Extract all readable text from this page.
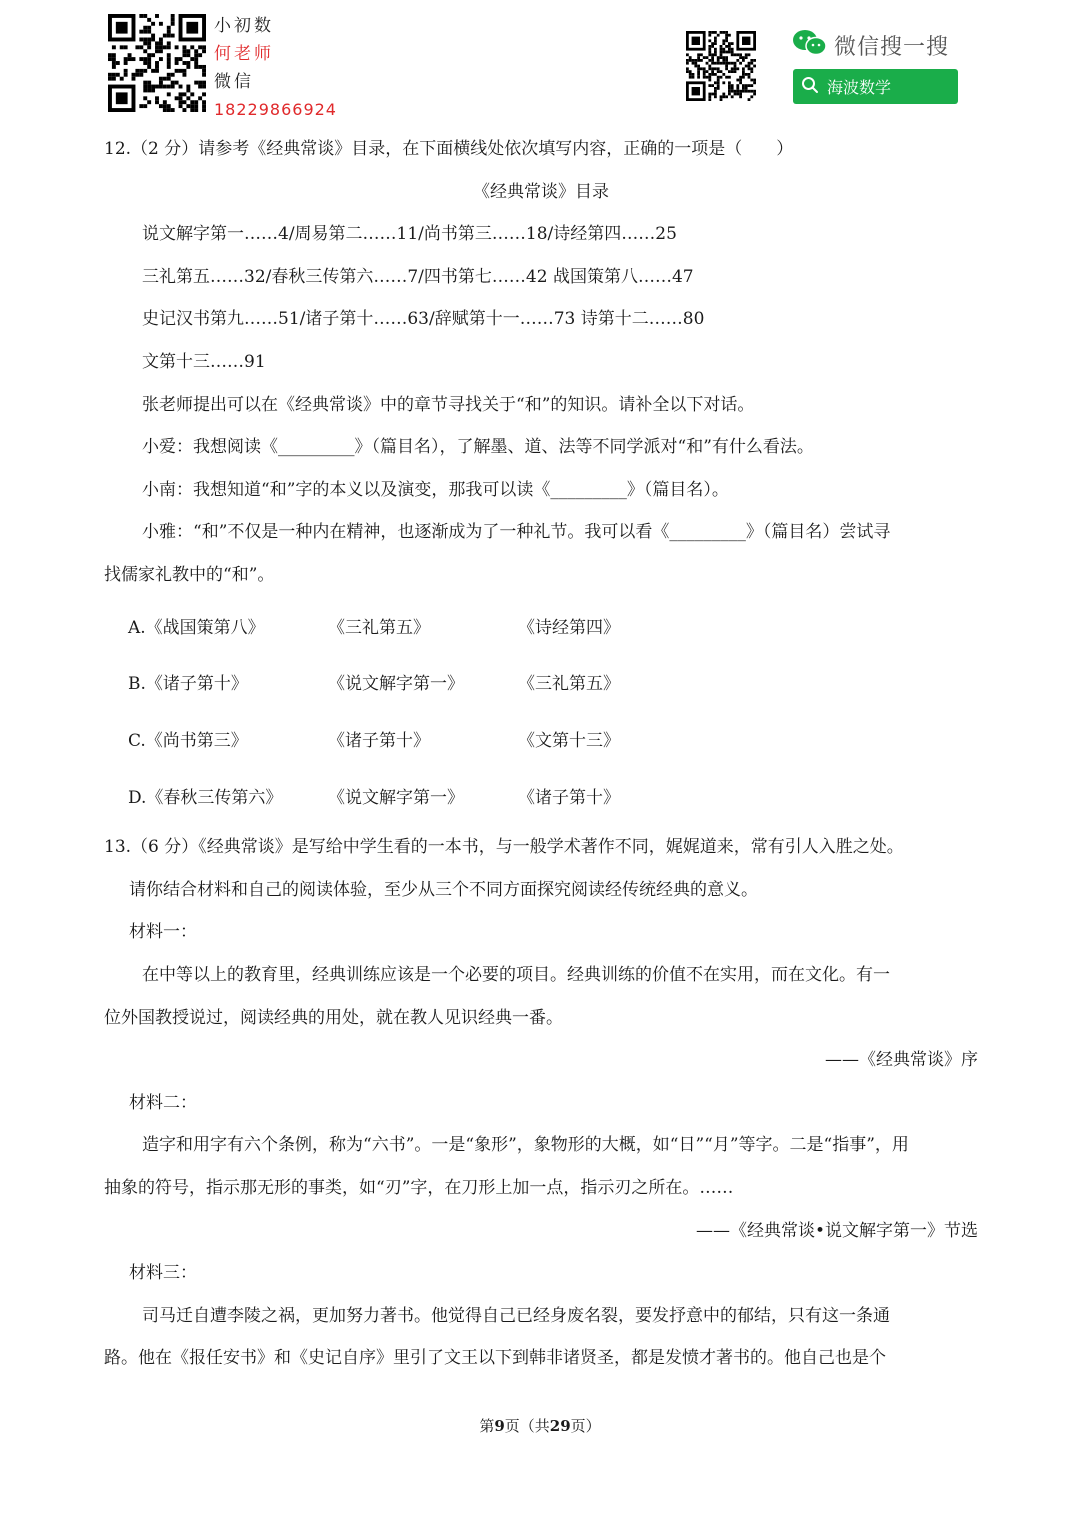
小初数
何老师
微信
18229866924
微信搜一搜
海波数学
12.（2 分）请参考《经典常谈》目录，在下面横线处依次填写内容，正确的一项是（　　）
《经典常谈》目录
说文解字第一……4/周易第二……11/尚书第三……18/诗经第四……25
三礼第五……32/春秋三传第六……7/四书第七……42 战国策第八……47
史记汉书第九……51/诸子第十……63/辞赋第十一……73 诗第十二……80
文第十三……91
张老师提出可以在《经典常谈》中的章节寻找关于“和”的知识。请补全以下对话。
小爱：我想阅读《_________》（篇目名），了解墨、道、法等不同学派对“和”有什么看法。
小南：我想知道“和”字的本义以及演变，那我可以读《_________》（篇目名）。
小雅：“和”不仅是一种内在精神，也逐渐成为了一种礼节。我可以看《_________》（篇目名）尝试寻
找儒家礼教中的“和”。
A.《战国策第八》	《三礼第五》	《诗经第四》
B.《诸子第十》	《说文解字第一》	《三礼第五》
C.《尚书第三》	《诸子第十》	《文第十三》
D.《春秋三传第六》	《说文解字第一》	《诸子第十》
13.（6 分）《经典常谈》是写给中学生看的一本书，与一般学术著作不同，娓娓道来，常有引人入胜之处。
请你结合材料和自己的阅读体验，至少从三个不同方面探究阅读经传统经典的意义。
材料一：
在中等以上的教育里，经典训练应该是一个必要的项目。经典训练的价值不在实用，而在文化。有一
位外国教授说过，阅读经典的用处，就在教人见识经典一番。
——《经典常谈》序
材料二：
造字和用字有六个条例，称为“六书”。一是“象形”，象物形的大概，如“日”“月”等字。二是“指事”，用
抽象的符号，指示那无形的事类，如“刃”字，在刀形上加一点，指示刃之所在。……
——《经典常谈•说文解字第一》节选
材料三：
司马迁自遭李陵之祸，更加努力著书。他觉得自己已经身废名裂，要发抒意中的郁结，只有这一条通
路。他在《报任安书》和《史记自序》里引了文王以下到韩非诸贤圣，都是发愤才著书的。他自己也是个
第9页（共29页）
